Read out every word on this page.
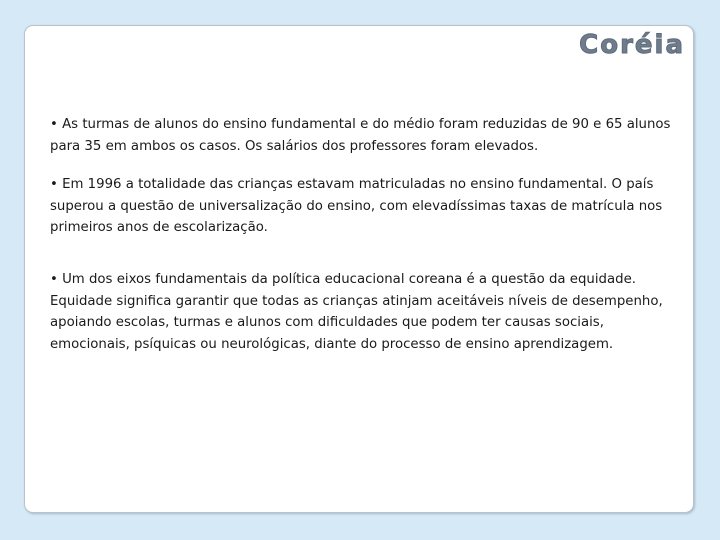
Coréia

• As turmas de alunos do ensino fundamental e do médio foram reduzidas de 90 e 65 alunos para 35 em ambos os casos. Os salários dos professores foram elevados.

• Em 1996 a totalidade das crianças estavam matriculadas no ensino fundamental. O país superou a questão de universalização do ensino, com elevadíssimas taxas de matrícula nos primeiros anos de escolarização.

• Um dos eixos fundamentais da política educacional coreana é a questão da equidade. Equidade significa garantir que todas as crianças atinjam aceitáveis níveis de desempenho, apoiando escolas, turmas e alunos com dificuldades que podem ter causas sociais, emocionais, psíquicas ou neurológicas, diante do processo de ensino aprendizagem.
